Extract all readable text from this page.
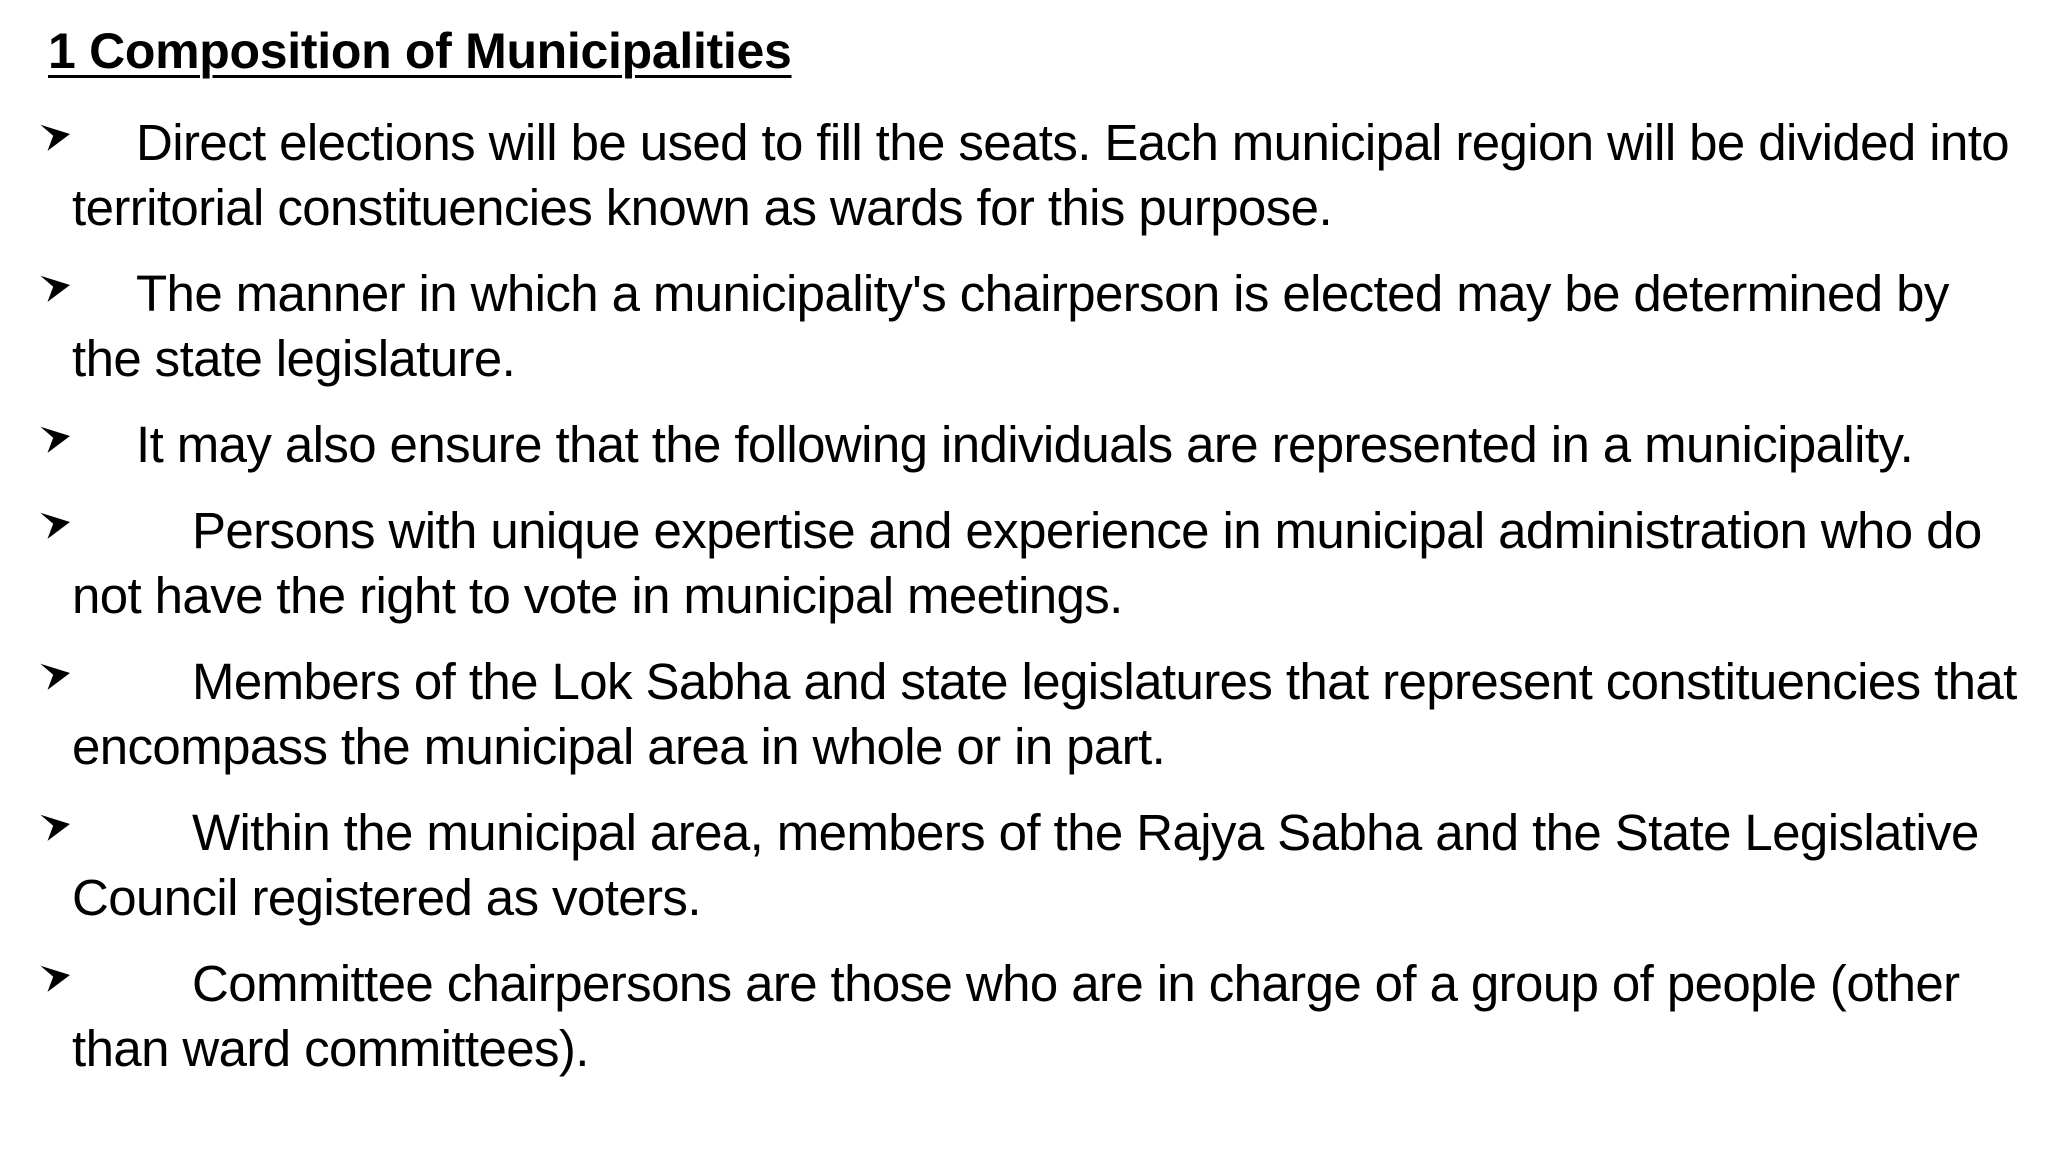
1 Composition of Municipalities
Direct elections will be used to fill the seats. Each municipal region will be divided into territorial constituencies known as wards for this purpose.
The manner in which a municipality's chairperson is elected may be determined by the state legislature.
It may also ensure that the following individuals are represented in a municipality.
Persons with unique expertise and experience in municipal administration who do not have the right to vote in municipal meetings.
Members of the Lok Sabha and state legislatures that represent constituencies that encompass the municipal area in whole or in part.
Within the municipal area, members of the Rajya Sabha and the State Legislative Council registered as voters.
Committee chairpersons are those who are in charge of a group of people (other than ward committees).
